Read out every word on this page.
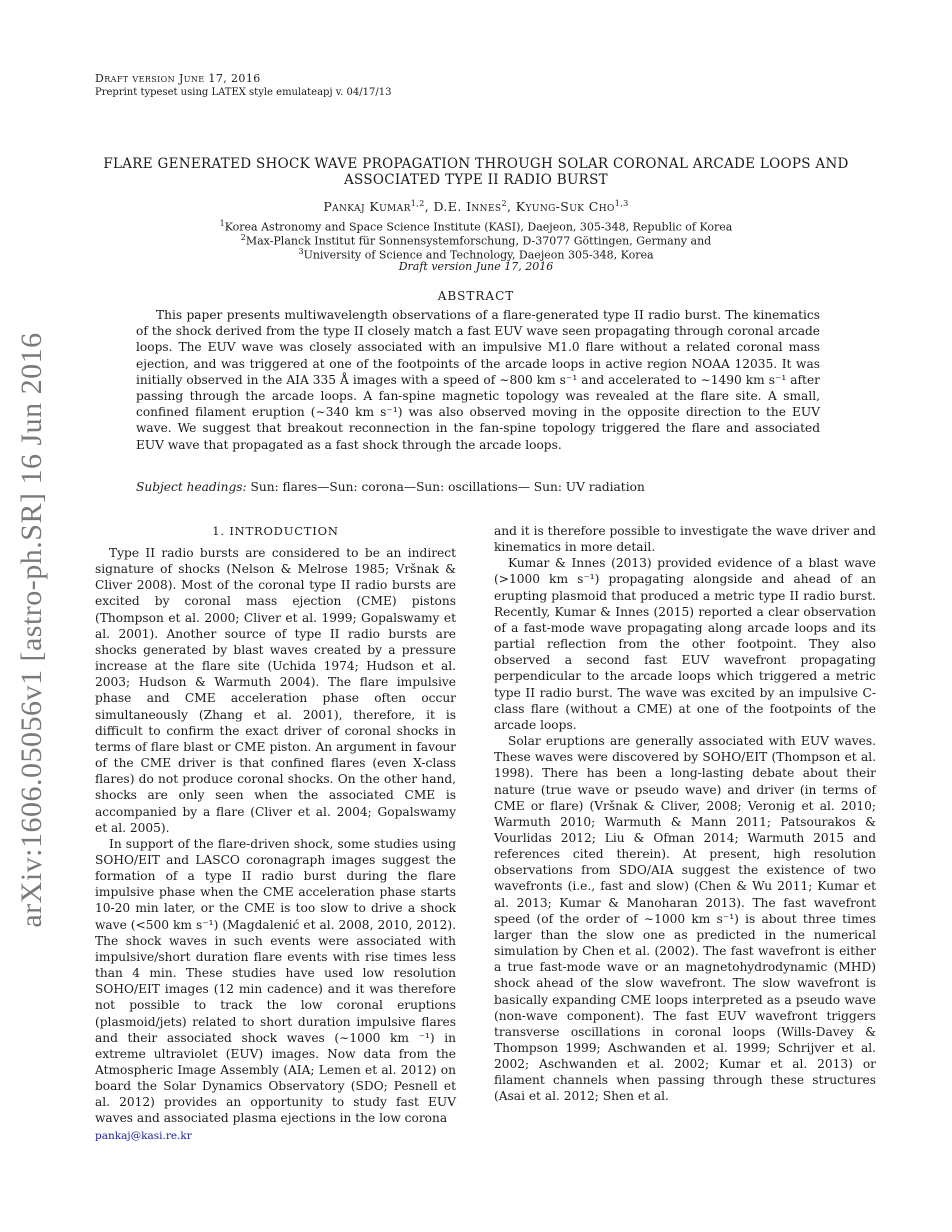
arXiv:1606.05056v1 [astro-ph.SR] 16 Jun 2016
Draft version June 17, 2016
Preprint typeset using LATEX style emulateapj v. 04/17/13
FLARE GENERATED SHOCK WAVE PROPAGATION THROUGH SOLAR CORONAL ARCADE LOOPS AND ASSOCIATED TYPE II RADIO BURST
Pankaj Kumar$^{1,2}$, D.E. Innes$^2$, Kyung-Suk Cho$^{1,3}$
$^1$Korea Astronomy and Space Science Institute (KASI), Daejeon, 305-348, Republic of Korea
$^2$Max-Planck Institut für Sonnensystemforschung, D-37077 Göttingen, Germany and
$^3$University of Science and Technology, Daejeon 305-348, Korea
Draft version June 17, 2016
ABSTRACT

This paper presents multiwavelength observations of a flare-generated type II radio burst. The kinematics of the shock derived from the type II closely match a fast EUV wave seen propagating through coronal arcade loops. The EUV wave was closely associated with an impulsive M1.0 flare without a related coronal mass ejection, and was triggered at one of the footpoints of the arcade loops in active region NOAA 12035. It was initially observed in the AIA 335 Å images with a speed of ∼800 km s⁻¹ and accelerated to ∼1490 km s⁻¹ after passing through the arcade loops. A fan-spine magnetic topology was revealed at the flare site. A small, confined filament eruption (∼340 km s⁻¹) was also observed moving in the opposite direction to the EUV wave. We suggest that breakout reconnection in the fan-spine topology triggered the flare and associated EUV wave that propagated as a fast shock through the arcade loops.

Subject headings: Sun: flares—Sun: corona—Sun: oscillations— Sun: UV radiation

1. INTRODUCTION

Type II radio bursts are considered to be an indirect signature of shocks (Nelson & Melrose 1985; Vršnak & Cliver 2008). Most of the coronal type II radio bursts are excited by coronal mass ejection (CME) pistons (Thompson et al. 2000; Cliver et al. 1999; Gopalswamy et al. 2001). Another source of type II radio bursts are shocks generated by blast waves created by a pressure increase at the flare site (Uchida 1974; Hudson et al. 2003; Hudson & Warmuth 2004). The flare impulsive phase and CME acceleration phase often occur simultaneously (Zhang et al. 2001), therefore, it is difficult to confirm the exact driver of coronal shocks in terms of flare blast or CME piston. An argument in favour of the CME driver is that confined flares (even X-class flares) do not produce coronal shocks. On the other hand, shocks are only seen when the associated CME is accompanied by a flare (Cliver et al. 2004; Gopalswamy et al. 2005).

In support of the flare-driven shock, some studies using SOHO/EIT and LASCO coronagraph images suggest the formation of a type II radio burst during the flare impulsive phase when the CME acceleration phase starts 10-20 min later, or the CME is too slow to drive a shock wave (<500 km s⁻¹) (Magdalenić et al. 2008, 2010, 2012). The shock waves in such events were associated with impulsive/short duration flare events with rise times less than 4 min. These studies have used low resolution SOHO/EIT images (12 min cadence) and it was therefore not possible to track the low coronal eruptions (plasmoid/jets) related to short duration impulsive flares and their associated shock waves (∼1000 km ⁻¹) in extreme ultraviolet (EUV) images. Now data from the Atmospheric Image Assembly (AIA; Lemen et al. 2012) on board the Solar Dynamics Observatory (SDO; Pesnell et al. 2012) provides an opportunity to study fast EUV waves and associated plasma ejections in the low corona

and it is therefore possible to investigate the wave driver and kinematics in more detail.

Kumar & Innes (2013) provided evidence of a blast wave (>1000 km s⁻¹) propagating alongside and ahead of an erupting plasmoid that produced a metric type II radio burst. Recently, Kumar & Innes (2015) reported a clear observation of a fast-mode wave propagating along arcade loops and its partial reflection from the other footpoint. They also observed a second fast EUV wavefront propagating perpendicular to the arcade loops which triggered a metric type II radio burst. The wave was excited by an impulsive C-class flare (without a CME) at one of the footpoints of the arcade loops.

Solar eruptions are generally associated with EUV waves. These waves were discovered by SOHO/EIT (Thompson et al. 1998). There has been a long-lasting debate about their nature (true wave or pseudo wave) and driver (in terms of CME or flare) (Vršnak & Cliver, 2008; Veronig et al. 2010; Warmuth 2010; Warmuth & Mann 2011; Patsourakos & Vourlidas 2012; Liu & Ofman 2014; Warmuth 2015 and references cited therein). At present, high resolution observations from SDO/AIA suggest the existence of two wavefronts (i.e., fast and slow) (Chen & Wu 2011; Kumar et al. 2013; Kumar & Manoharan 2013). The fast wavefront speed (of the order of ∼1000 km s⁻¹) is about three times larger than the slow one as predicted in the numerical simulation by Chen et al. (2002). The fast wavefront is either a true fast-mode wave or an magnetohydrodynamic (MHD) shock ahead of the slow wavefront. The slow wavefront is basically expanding CME loops interpreted as a pseudo wave (non-wave component). The fast EUV wavefront triggers transverse oscillations in coronal loops (Wills-Davey & Thompson 1999; Aschwanden et al. 1999; Schrijver et al. 2002; Aschwanden et al. 2002; Kumar et al. 2013) or filament channels when passing through these structures (Asai et al. 2012; Shen et al.

pankaj@kasi.re.kr
